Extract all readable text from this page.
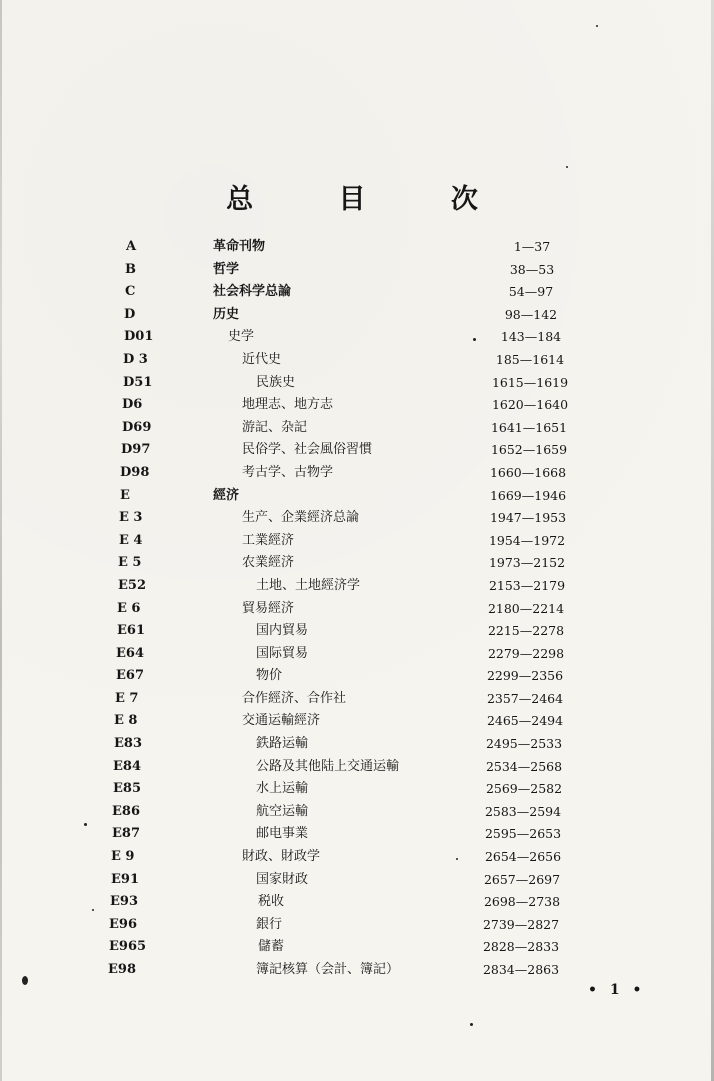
总 目 次
A	革命刊物	1—37
B	哲学	38—53
C	社会科学总論	54—97
D	历史	98—142
D01	史学	143—184
D 3	近代史	185—1614
D51	民族史	1615—1619
D6	地理志、地方志	1620—1640
D69	游記、杂記	1641—1651
D97	民俗学、社会風俗習慣	1652—1659
D98	考古学、古物学	1660—1668
E	經济	1669—1946
E 3	生产、企業經济总論	1947—1953
E 4	工業經济	1954—1972
E 5	农業經济	1973—2152
E52	土地、土地經济学	2153—2179
E 6	貿易經济	2180—2214
E61	国内貿易	2215—2278
E64	国际貿易	2279—2298
E67	物价	2299—2356
E 7	合作經济、合作社	2357—2464
E 8	交通运輸經济	2465—2494
E83	鉄路运輸	2495—2533
E84	公路及其他陆上交通运輸	2534—2568
E85	水上运輸	2569—2582
E86	航空运輸	2583—2594
E87	邮电事業	2595—2653
E 9	財政、財政学	2654—2656
E91	国家財政	2657—2697
E93	税收	2698—2738
E96	銀行	2739—2827
E965	儲蓄	2828—2833
E98	簿記核算（会計、簿記）	2834—2863
• 1 •
